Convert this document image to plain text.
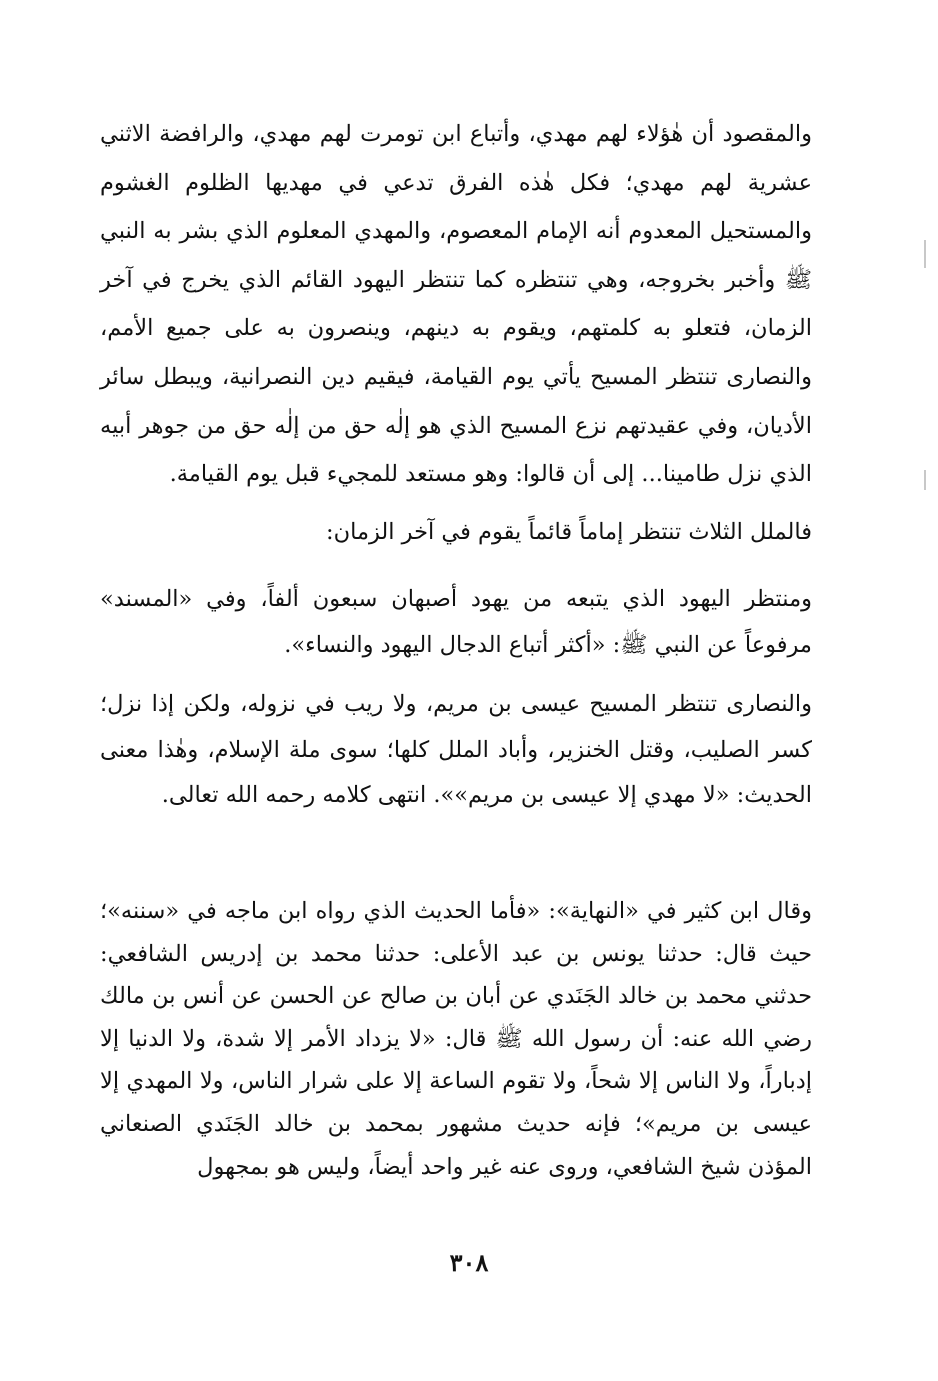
والمقصود أن هٰؤلاء لهم مهدي، وأتباع ابن تومرت لهم مهدي، والرافضة الاثني عشرية لهم مهدي؛ فكل هٰذه الفرق تدعي في مهديها الظلوم الغشوم والمستحيل المعدوم أنه الإمام المعصوم، والمهدي المعلوم الذي بشر به النبي ﷺ وأخبر بخروجه، وهي تنتظره كما تنتظر اليهود القائم الذي يخرج في آخر الزمان، فتعلو به كلمتهم، ويقوم به دينهم، وينصرون به على جميع الأمم، والنصارى تنتظر المسيح يأتي يوم القيامة، فيقيم دين النصرانية، ويبطل سائر الأديان، وفي عقيدتهم نزع المسيح الذي هو إلٰه حق من إلٰه حق من جوهر أبيه الذي نزل طامينا... إلى أن قالوا: وهو مستعد للمجيء قبل يوم القيامة.

فالملل الثلاث تنتظر إماماً قائماً يقوم في آخر الزمان:

ومنتظر اليهود الذي يتبعه من يهود أصبهان سبعون ألفاً، وفي «المسند» مرفوعاً عن النبي ﷺ: «أكثر أتباع الدجال اليهود والنساء».

والنصارى تنتظر المسيح عيسى بن مريم، ولا ريب في نزوله، ولكن إذا نزل؛ كسر الصليب، وقتل الخنزير، وأباد الملل كلها؛ سوى ملة الإسلام، وهٰذا معنى الحديث: «لا مهدي إلا عيسى بن مريم»». انتهى كلامه رحمه الله تعالى.

وقال ابن كثير في «النهاية»: «فأما الحديث الذي رواه ابن ماجه في «سننه»؛ حيث قال: حدثنا يونس بن عبد الأعلى: حدثنا محمد بن إدريس الشافعي: حدثني محمد بن خالد الجَنَدي عن أبان بن صالح عن الحسن عن أنس بن مالك رضي الله عنه: أن رسول الله ﷺ قال: «لا يزداد الأمر إلا شدة، ولا الدنيا إلا إدباراً، ولا الناس إلا شحاً، ولا تقوم الساعة إلا على شرار الناس، ولا المهدي إلا عيسى بن مريم»؛ فإنه حديث مشهور بمحمد بن خالد الجَنَدي الصنعاني المؤذن شيخ الشافعي، وروى عنه غير واحد أيضاً، وليس هو بمجهول

٣٠٨
